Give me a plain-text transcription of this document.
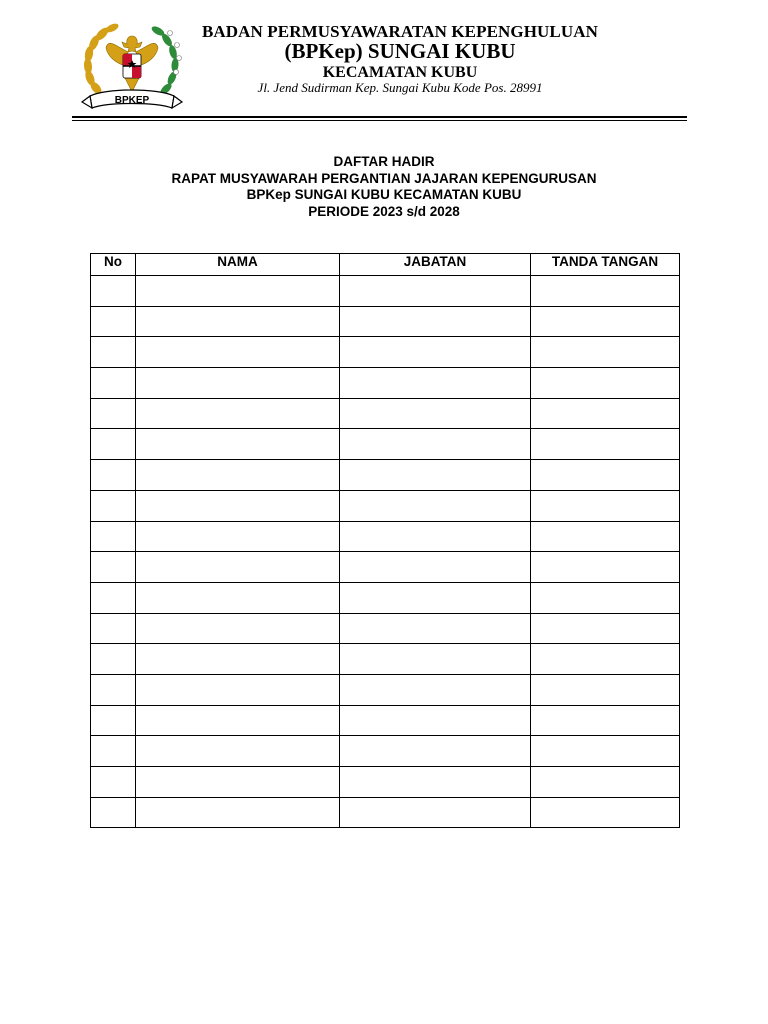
BPKEP
BADAN PERMUSYAWARATAN KEPENGHULUAN
(BPKep) SUNGAI KUBU
KECAMATAN KUBU
Jl. Jend Sudirman Kep. Sungai Kubu Kode Pos. 28991
DAFTAR HADIR
RAPAT MUSYAWARAH PERGANTIAN JAJARAN KEPENGURUSAN
BPKep SUNGAI KUBU KECAMATAN KUBU
PERIODE 2023 s/d 2028
No	NAMA	JABATAN	TANDA TANGAN
